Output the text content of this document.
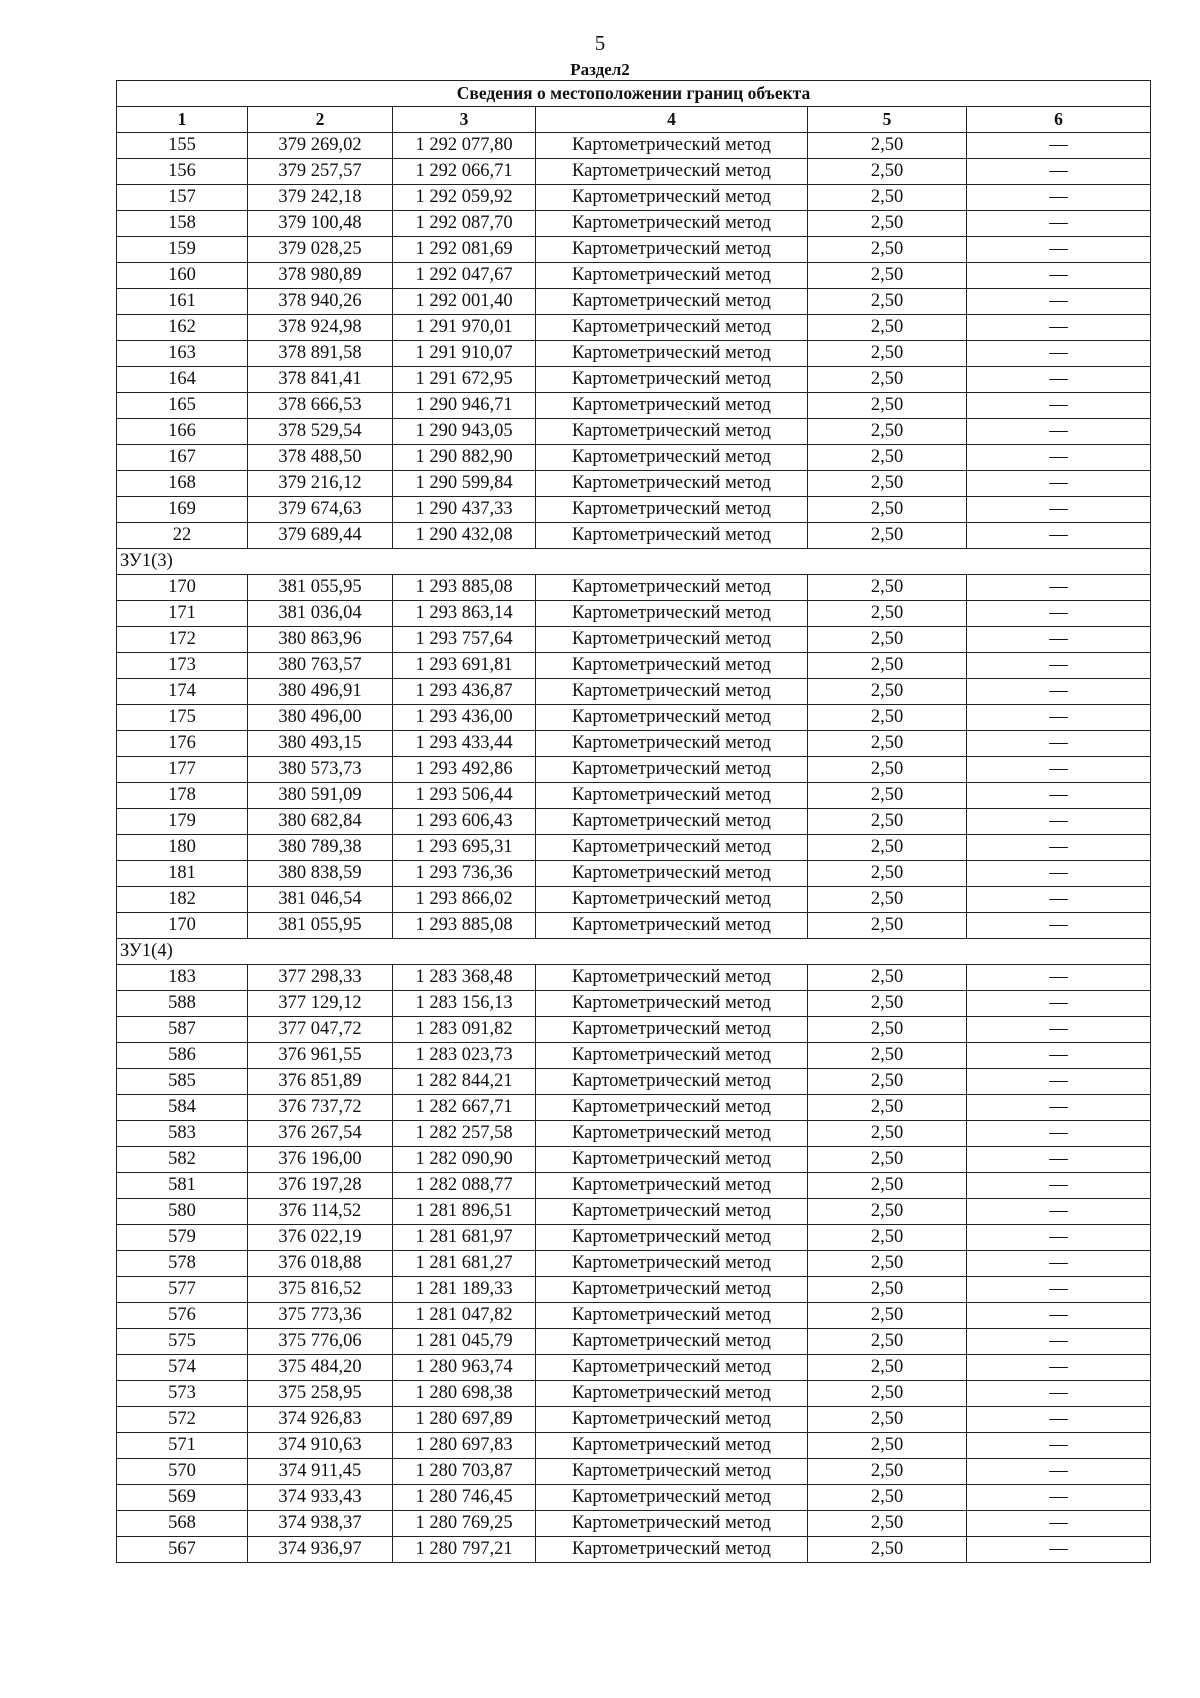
5
Раздел2
Сведения о местоположении границ объекта					
1	2	3	4	5	6
155	379 269,02	1 292 077,80	Картометрический метод	2,50	—
156	379 257,57	1 292 066,71	Картометрический метод	2,50	—
157	379 242,18	1 292 059,92	Картометрический метод	2,50	—
158	379 100,48	1 292 087,70	Картометрический метод	2,50	—
159	379 028,25	1 292 081,69	Картометрический метод	2,50	—
160	378 980,89	1 292 047,67	Картометрический метод	2,50	—
161	378 940,26	1 292 001,40	Картометрический метод	2,50	—
162	378 924,98	1 291 970,01	Картометрический метод	2,50	—
163	378 891,58	1 291 910,07	Картометрический метод	2,50	—
164	378 841,41	1 291 672,95	Картометрический метод	2,50	—
165	378 666,53	1 290 946,71	Картометрический метод	2,50	—
166	378 529,54	1 290 943,05	Картометрический метод	2,50	—
167	378 488,50	1 290 882,90	Картометрический метод	2,50	—
168	379 216,12	1 290 599,84	Картометрический метод	2,50	—
169	379 674,63	1 290 437,33	Картометрический метод	2,50	—
22	379 689,44	1 290 432,08	Картометрический метод	2,50	—
ЗУ1(3)					
170	381 055,95	1 293 885,08	Картометрический метод	2,50	—
171	381 036,04	1 293 863,14	Картометрический метод	2,50	—
172	380 863,96	1 293 757,64	Картометрический метод	2,50	—
173	380 763,57	1 293 691,81	Картометрический метод	2,50	—
174	380 496,91	1 293 436,87	Картометрический метод	2,50	—
175	380 496,00	1 293 436,00	Картометрический метод	2,50	—
176	380 493,15	1 293 433,44	Картометрический метод	2,50	—
177	380 573,73	1 293 492,86	Картометрический метод	2,50	—
178	380 591,09	1 293 506,44	Картометрический метод	2,50	—
179	380 682,84	1 293 606,43	Картометрический метод	2,50	—
180	380 789,38	1 293 695,31	Картометрический метод	2,50	—
181	380 838,59	1 293 736,36	Картометрический метод	2,50	—
182	381 046,54	1 293 866,02	Картометрический метод	2,50	—
170	381 055,95	1 293 885,08	Картометрический метод	2,50	—
ЗУ1(4)					
183	377 298,33	1 283 368,48	Картометрический метод	2,50	—
588	377 129,12	1 283 156,13	Картометрический метод	2,50	—
587	377 047,72	1 283 091,82	Картометрический метод	2,50	—
586	376 961,55	1 283 023,73	Картометрический метод	2,50	—
585	376 851,89	1 282 844,21	Картометрический метод	2,50	—
584	376 737,72	1 282 667,71	Картометрический метод	2,50	—
583	376 267,54	1 282 257,58	Картометрический метод	2,50	—
582	376 196,00	1 282 090,90	Картометрический метод	2,50	—
581	376 197,28	1 282 088,77	Картометрический метод	2,50	—
580	376 114,52	1 281 896,51	Картометрический метод	2,50	—
579	376 022,19	1 281 681,97	Картометрический метод	2,50	—
578	376 018,88	1 281 681,27	Картометрический метод	2,50	—
577	375 816,52	1 281 189,33	Картометрический метод	2,50	—
576	375 773,36	1 281 047,82	Картометрический метод	2,50	—
575	375 776,06	1 281 045,79	Картометрический метод	2,50	—
574	375 484,20	1 280 963,74	Картометрический метод	2,50	—
573	375 258,95	1 280 698,38	Картометрический метод	2,50	—
572	374 926,83	1 280 697,89	Картометрический метод	2,50	—
571	374 910,63	1 280 697,83	Картометрический метод	2,50	—
570	374 911,45	1 280 703,87	Картометрический метод	2,50	—
569	374 933,43	1 280 746,45	Картометрический метод	2,50	—
568	374 938,37	1 280 769,25	Картометрический метод	2,50	—
567	374 936,97	1 280 797,21	Картометрический метод	2,50	—
